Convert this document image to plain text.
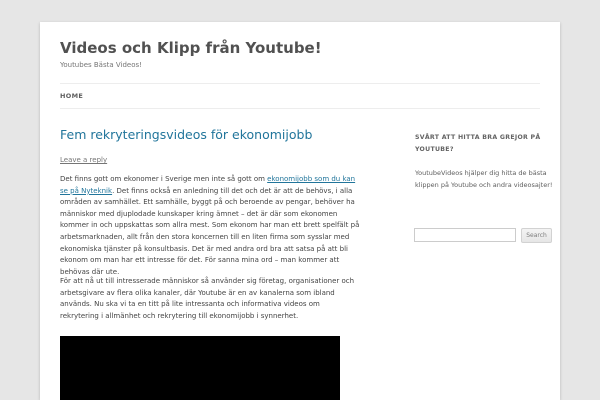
Videos och Klipp från Youtube!
Youtubes Bästa Videos!
HOME
Fem rekryteringsvideos för ekonomijobb
Leave a reply
Det finns gott om ekonomer i Sverige men inte så gott om ekonomijobb som du kan se på Nyteknik. Det finns också en anledning till det och det är att de behövs, i alla områden av samhället. Ett samhälle, byggt på och beroende av pengar, behöver ha människor med djuplodade kunskaper kring ämnet – det är där som ekonomen kommer in och uppskattas som allra mest. Som ekonom har man ett brett spelfält på arbetsmarknaden, allt från den stora koncernen till en liten firma som sysslar med ekonomiska tjänster på konsultbasis. Det är med andra ord bra att satsa på att bli ekonom om man har ett intresse för det. För sanna mina ord – man kommer att behövas där ute.
För att nå ut till intresserade människor så använder sig företag, organisationer och arbetsgivare av flera olika kanaler, där Youtube är en av kanalerna som ibland används. Nu ska vi ta en titt på lite intressanta och informativa videos om rekrytering i allmänhet och rekrytering till ekonomijobb i synnerhet.
SVÅRT ATT HITTA BRA GREJOR PÅ YOUTUBE?
YoutubeVideos hjälper dig hitta de bästa klippen på Youtube och andra videosajter!
Search
